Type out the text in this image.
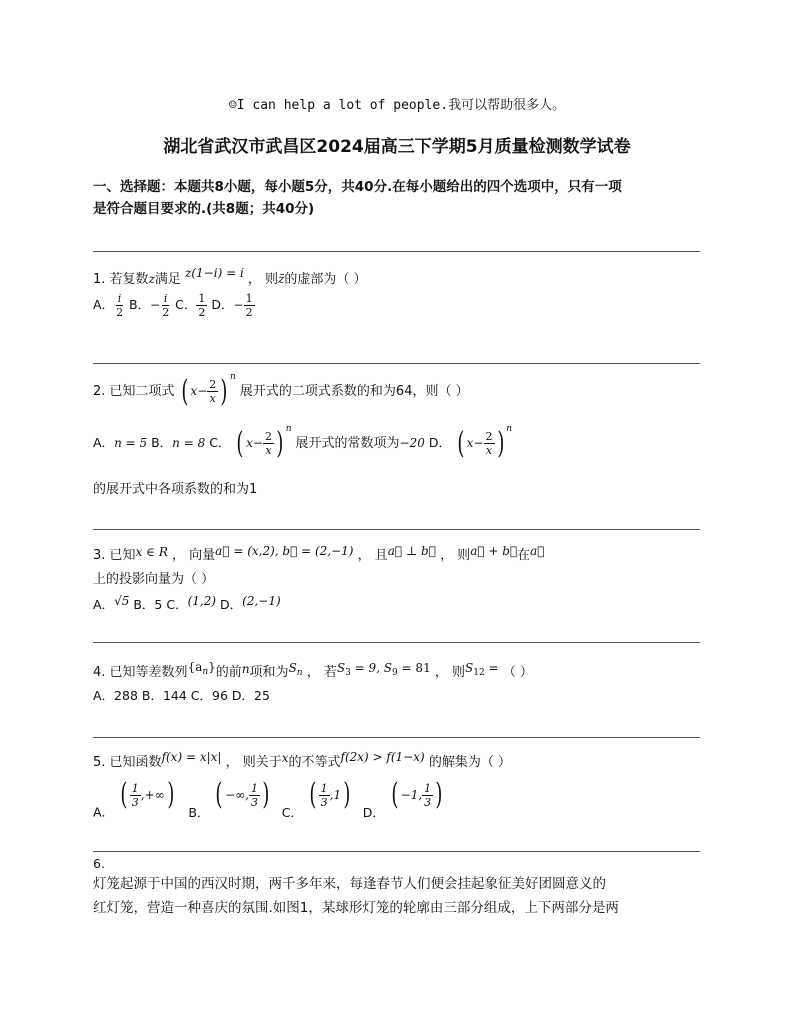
☺I can help a lot of people.我可以帮助很多人。
湖北省武汉市武昌区2024届高三下学期5月质量检测数学试卷
一、选择题：本题共8小题，每小题5分，共40分.在每小题给出的四个选项中，只有一项
是符合题目要求的.(共8题；共40分)
1. 若复数z满足 z(1−i) = i ， 则z̄的虚部为（ ）
A． $\frac{i}{2}$ B．− $\frac{i}{2}$ C． $\frac{1}{2}$ D．− $\frac{1}{2}$
2. 已知二项式 ( $x- \frac{2}{x}$ ) $^n$ 展开式的二项式系数的和为64，则（ ）
A．n = 5 B．n = 8 C． ( $x- \frac{2}{x}$ ) $^n$ 展开式的常数项为−20 D． ( $x- \frac{2}{x}$ ) $^n$
的展开式中各项系数的和为1
3. 已知x ∈ R ， 向量a⃗ = (x,2), b⃗ = (2,−1) ， 且a⃗ ⊥ b⃗ ， 则a⃗ + b⃗在a⃗
上的投影向量为（ ）
A．√5 B．5 C．(1,2) D．(2,−1)
4. 已知等差数列$\{a_n\}$的前n项和为$S_n$ ， 若$S_3 = 9$, $S_9 = 81$ ， 则$S_{12}$ = （ ）
A．288 B．144 C．96 D．25
5. 已知函数f(x) = x|x| ， 则关于x的不等式f(2x) > f(1−x) 的解集为（ ）
A． ( $\frac{1}{3}$ ,+∞) B． ( −∞, $\frac{1}{3}$ ) C． ( $\frac{1}{3} ,1$) D． ( −1, $\frac{1}{3}$ )
6.
灯笼起源于中国的西汉时期，两千多年来，每逢春节人们便会挂起象征美好团圆意义的
红灯笼，营造一种喜庆的氛围.如图1，某球形灯笼的轮廓由三部分组成，上下两部分是两
